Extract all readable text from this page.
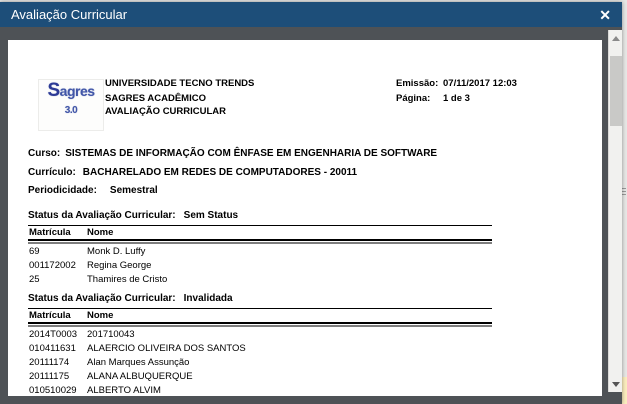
Avaliação Curricular	✕
Sagres
3.0
UNIVERSIDADE TECNO TRENDS
SAGRES ACADÊMICO
AVALIAÇÃO CURRICULAR
Emissão: 07/11/2017 12:03
Página:	1 de 3
Curso: SISTEMAS DE INFORMAÇÃO COM ÊNFASE EM ENGENHARIA DE SOFTWARE
Currículo: BACHARELADO EM REDES DE COMPUTADORES - 20011
Periodicidade: Semestral
Status da Avaliação Curricular: Sem Status
Matrícula	Nome
69	Monk D. Luffy
001172002	Regina George
25	Thamires de Cristo
Status da Avaliação Curricular: Invalidada
Matrícula	Nome
2014T0003	201710043
010411631	ALAERCIO OLIVEIRA DOS SANTOS
20111174	Alan Marques Assunção
20111175	ALANA ALBUQUERQUE
010510029	ALBERTO ALVIM
